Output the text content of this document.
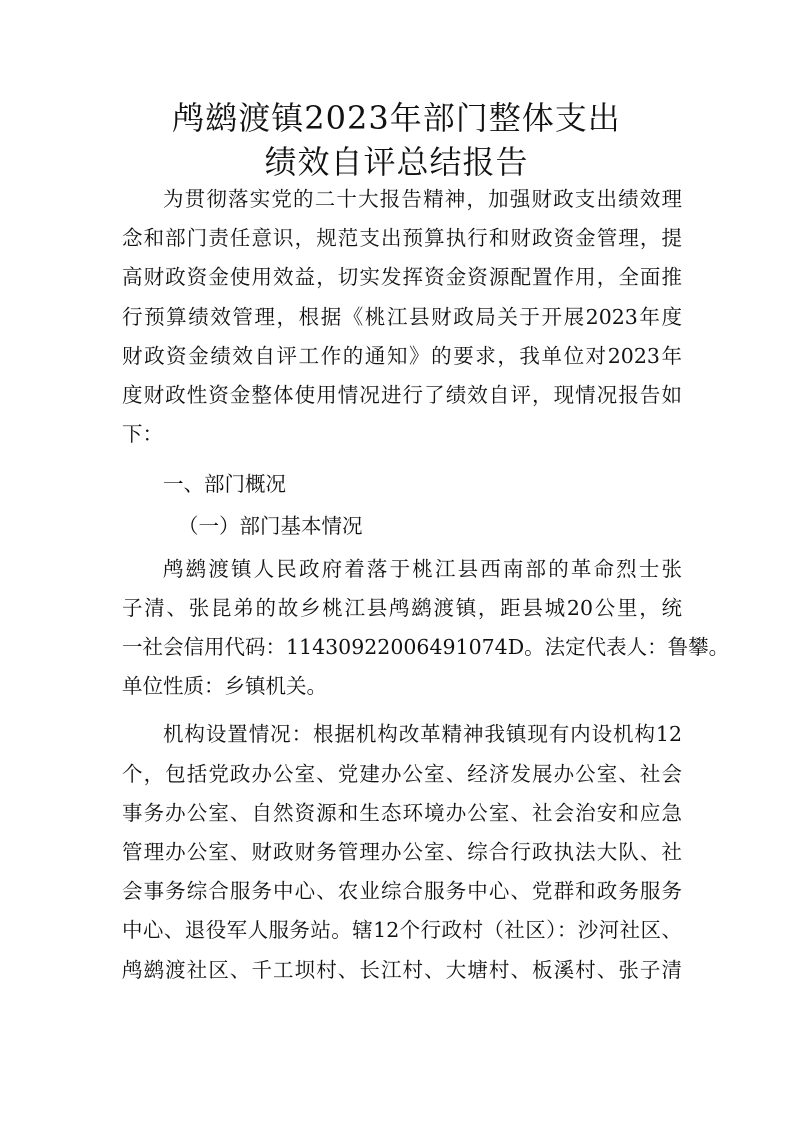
鸬鹚渡镇2023年部门整体支出
绩效自评总结报告
为贯彻落实党的二十大报告精神，加强财政支出绩效理
念和部门责任意识，规范支出预算执行和财政资金管理，提
高财政资金使用效益，切实发挥资金资源配置作用，全面推
行预算绩效管理，根据《桃江县财政局关于开展2023年度
财政资金绩效自评工作的通知》的要求，我单位对2023年
度财政性资金整体使用情况进行了绩效自评，现情况报告如
下：
一、部门概况
（一）部门基本情况
鸬鹚渡镇人民政府着落于桃江县西南部的革命烈士张
子清、张昆弟的故乡桃江县鸬鹚渡镇，距县城20公里，统
一社会信用代码：11430922006491074D。法定代表人：鲁攀。
单位性质：乡镇机关。
机构设置情况：根据机构改革精神我镇现有内设机构12
个，包括党政办公室、党建办公室、经济发展办公室、社会
事务办公室、自然资源和生态环境办公室、社会治安和应急
管理办公室、财政财务管理办公室、综合行政执法大队、社
会事务综合服务中心、农业综合服务中心、党群和政务服务
中心、退役军人服务站。辖12个行政村（社区）：沙河社区、
鸬鹚渡社区、千工坝村、长江村、大塘村、板溪村、张子清
